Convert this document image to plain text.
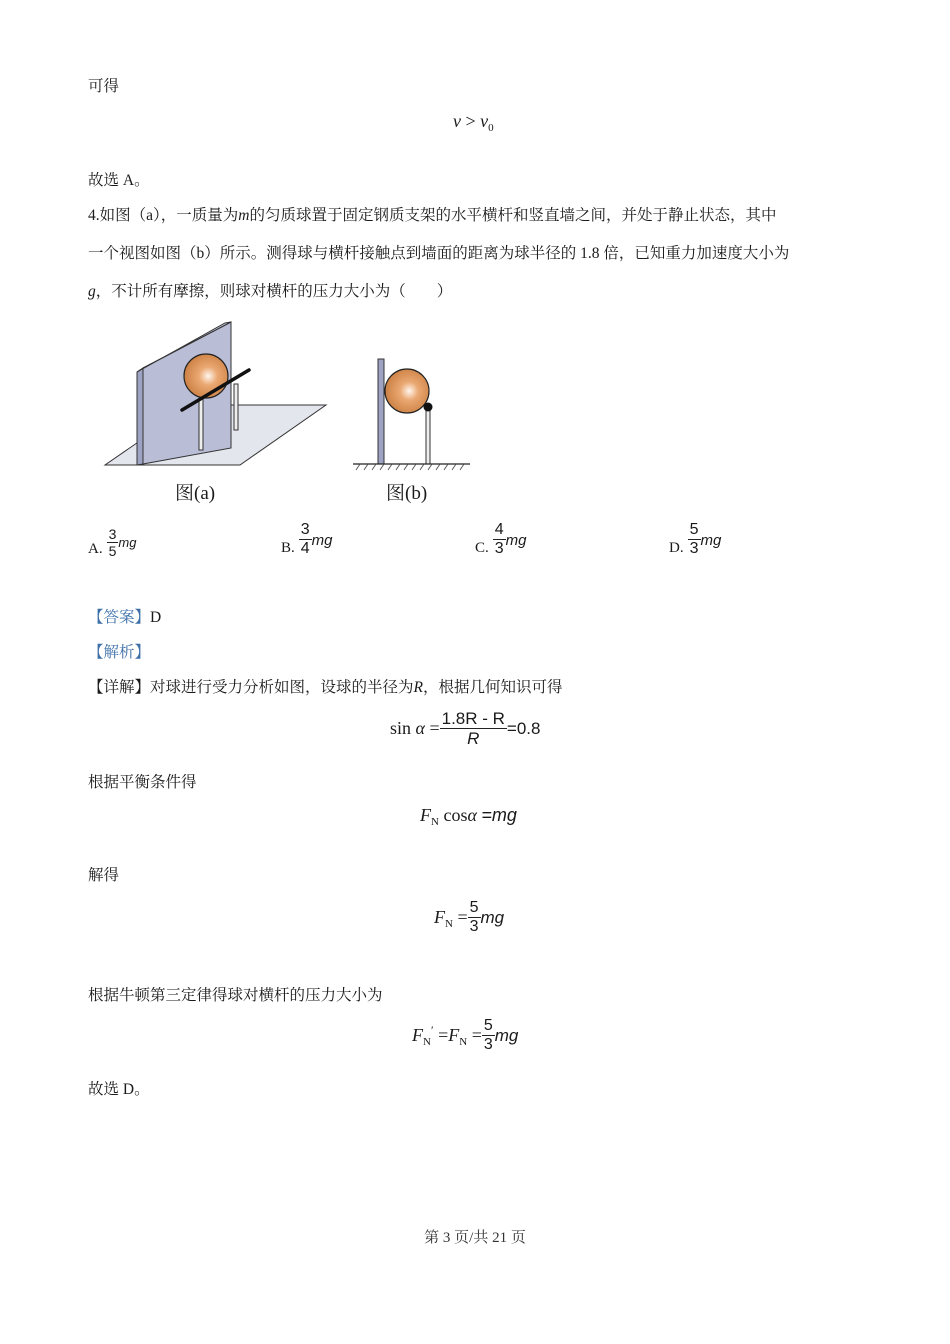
可得
$v > v_0$
故选 A。
4.如图（a），一质量为m的匀质球置于固定钢质支架的水平横杆和竖直墙之间，并处于静止状态，其中
一个视图如图（b）所示。测得球与横杆接触点到墙面的距离为球半径的 1.8 倍，已知重力加速度大小为
g，不计所有摩擦，则球对横杆的压力大小为（　　）
图(a)	图(b)
A. $\frac{3}{5}$ mg	B. $\frac{3}{4}$ mg	C. $\frac{4}{3}$ mg	D. $\frac{5}{3}$ mg
【答案】D
【解析】
【详解】对球进行受力分析如图，设球的半径为R，根据几何知识可得
sin
α
= $\frac{1.8R - R}{R} =0.8$
根据平衡条件得
$F_N$ cosα =mg
解得
F N
= $\frac{5}{3}$ mg
根据牛顿第三定律得球对横杆的压力大小为
F N
′
= F N
= $\frac{5}{3}$ mg
故选 D。
第 3 页/共 21 页
